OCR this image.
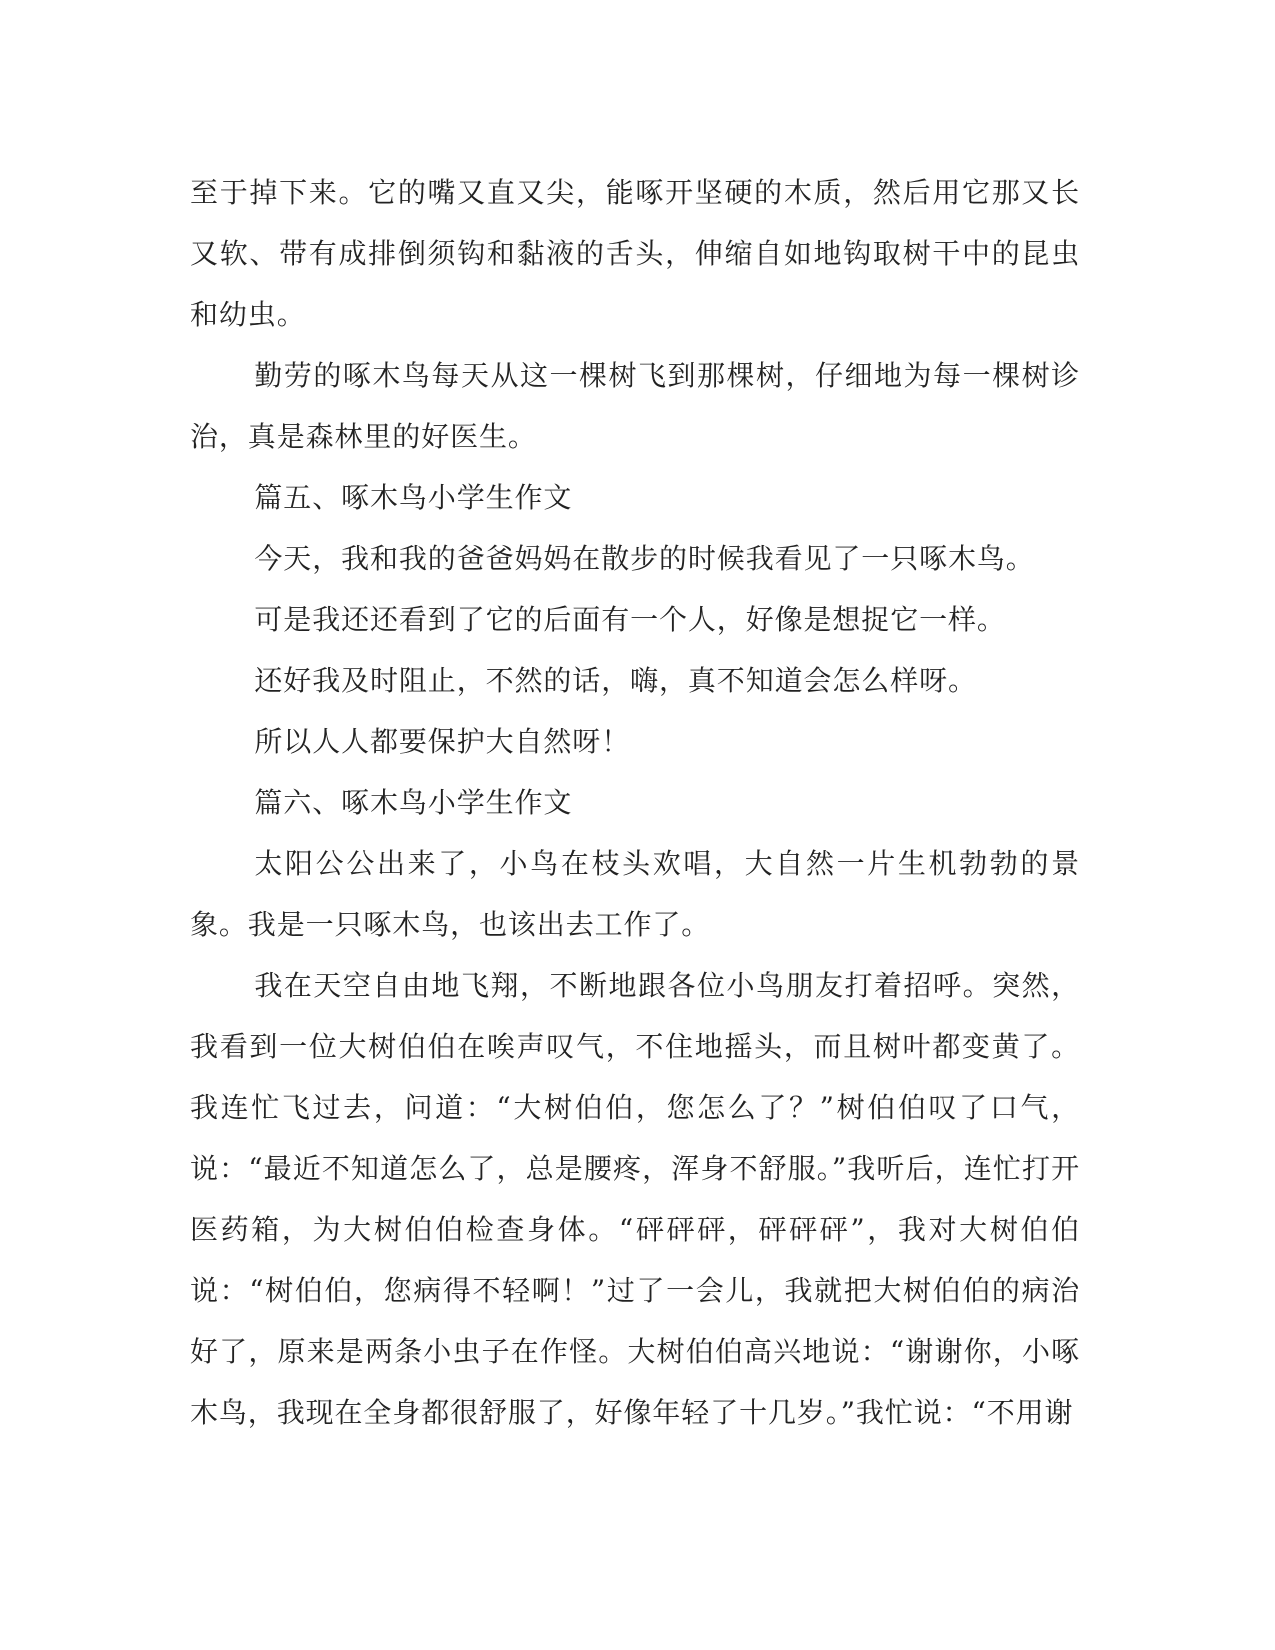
至于掉下来。它的嘴又直又尖，能啄开坚硬的木质，然后用它那又长又软、带有成排倒须钩和黏液的舌头，伸缩自如地钩取树干中的昆虫和幼虫。

勤劳的啄木鸟每天从这一棵树飞到那棵树，仔细地为每一棵树诊治，真是森林里的好医生。

篇五、啄木鸟小学生作文

今天，我和我的爸爸妈妈在散步的时候我看见了一只啄木鸟。

可是我还还看到了它的后面有一个人，好像是想捉它一样。

还好我及时阻止，不然的话，嗨，真不知道会怎么样呀。

所以人人都要保护大自然呀！

篇六、啄木鸟小学生作文

太阳公公出来了，小鸟在枝头欢唱，大自然一片生机勃勃的景象。我是一只啄木鸟，也该出去工作了。

我在天空自由地飞翔，不断地跟各位小鸟朋友打着招呼。突然，我看到一位大树伯伯在唉声叹气，不住地摇头，而且树叶都变黄了。我连忙飞过去，问道：“大树伯伯，您怎么了？”树伯伯叹了口气，说：“最近不知道怎么了，总是腰疼，浑身不舒服。”我听后，连忙打开医药箱，为大树伯伯检查身体。“砰砰砰，砰砰砰”，我对大树伯伯说：“树伯伯，您病得不轻啊！”过了一会儿，我就把大树伯伯的病治好了，原来是两条小虫子在作怪。大树伯伯高兴地说：“谢谢你，小啄木鸟，我现在全身都很舒服了，好像年轻了十几岁。”我忙说：“不用谢
